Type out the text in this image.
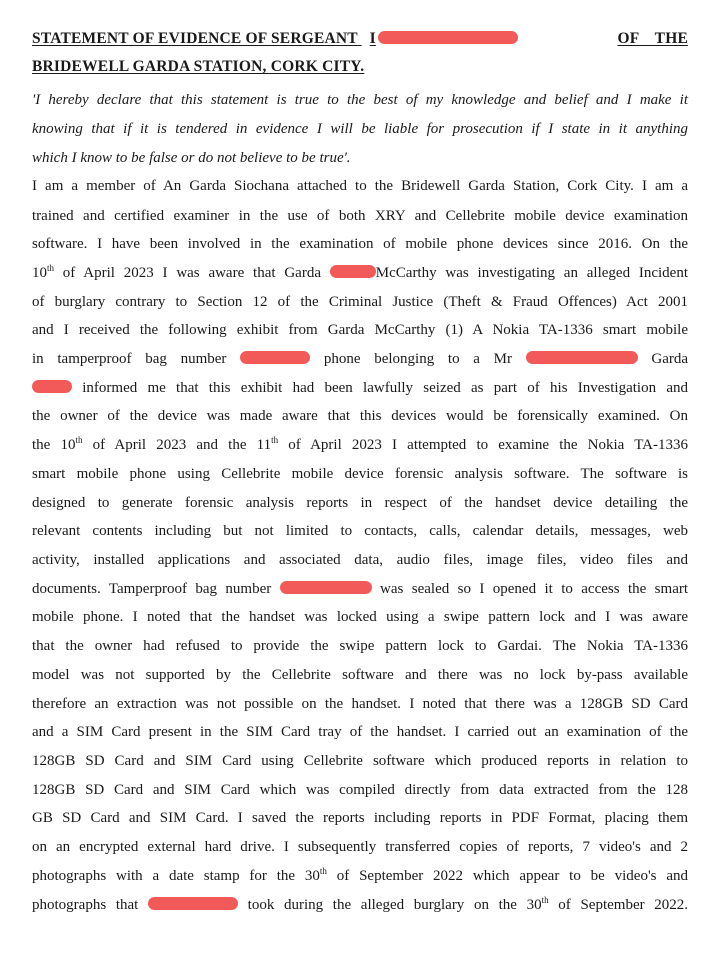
STATEMENT OF EVIDENCE OF SERGEANT I	OF THE
BRIDEWELL GARDA STATION, CORK CITY.
'I hereby declare that this statement is true to the best of my knowledge and belief and I make it
knowing that if it is tendered in evidence I will be liable for prosecution if I state in it anything
which I know to be false or do not believe to be true'.
I am a member of An Garda Siochana attached to the Bridewell Garda Station, Cork City. I am a
trained and certified examiner in the use of both XRY and Cellebrite mobile device examination
software. I have been involved in the examination of mobile phone devices since 2016. On the
10th of April 2023 I was aware that Garda	McCarthy was investigating an alleged Incident
of burglary contrary to Section 12 of the Criminal Justice (Theft & Fraud Offences) Act 2001
and I received the following exhibit from Garda McCarthy (1) A Nokia TA-1336 smart mobile
in tamperproof bag number	phone belonging to a Mr	Garda
informed me that this exhibit had been lawfully seized as part of his Investigation and
the owner of the device was made aware that this devices would be forensically examined. On
the 10th of April 2023 and the 11th of April 2023 I attempted to examine the Nokia TA-1336
smart mobile phone using Cellebrite mobile device forensic analysis software. The software is
designed to generate forensic analysis reports in respect of the handset device detailing the
relevant contents including but not limited to contacts, calls, calendar details, messages, web
activity, installed applications and associated data, audio files, image files, video files and
documents. Tamperproof bag number	was sealed so I opened it to access the smart
mobile phone. I noted that the handset was locked using a swipe pattern lock and I was aware
that the owner had refused to provide the swipe pattern lock to Gardai. The Nokia TA-1336
model was not supported by the Cellebrite software and there was no lock by-pass available
therefore an extraction was not possible on the handset. I noted that there was a 128GB SD Card
and a SIM Card present in the SIM Card tray of the handset. I carried out an examination of the
128GB SD Card and SIM Card using Cellebrite software which produced reports in relation to
128GB SD Card and SIM Card which was compiled directly from data extracted from the 128
GB SD Card and SIM Card. I saved the reports including reports in PDF Format, placing them
on an encrypted external hard drive. I subsequently transferred copies of reports, 7 video's and 2
photographs with a date stamp for the 30th of September 2022 which appear to be video's and
photographs that	took during the alleged burglary on the 30th of September 2022.
